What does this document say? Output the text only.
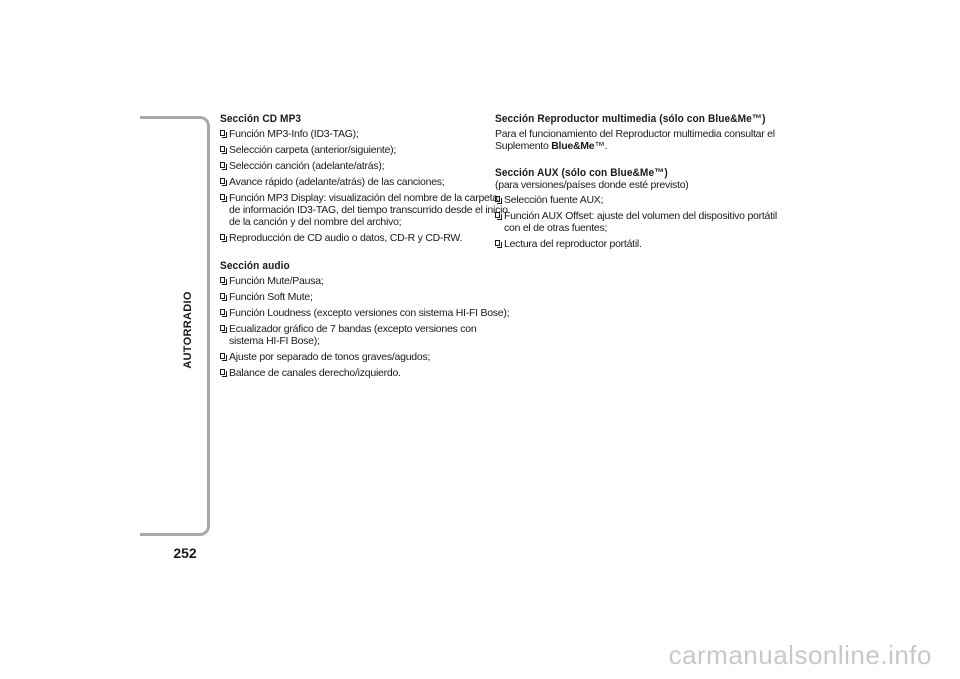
AUTORRADIO
252
Sección CD MP3
Función MP3-Info (ID3-TAG);
Selección carpeta (anterior/siguiente);
Selección canción (adelante/atrás);
Avance rápido (adelante/atrás) de las canciones;
Función MP3 Display: visualización del nombre de la carpeta, de información ID3-TAG, del tiempo transcurrido desde el inicio de la canción y del nombre del archivo;
Reproducción de CD audio o datos, CD-R y CD-RW.
Sección audio
Función Mute/Pausa;
Función Soft Mute;
Función Loudness (excepto versiones con sistema HI-FI Bose);
Ecualizador gráfico de 7 bandas (excepto versiones con sistema HI-FI Bose);
Ajuste por separado de tonos graves/agudos;
Balance de canales derecho/izquierdo.
Sección Reproductor multimedia (sólo con Blue&Me™)

Para el funcionamiento del Reproductor multimedia consultar el Suplemento Blue&Me™.

Sección AUX (sólo con Blue&Me™)

(para versiones/países donde esté previsto)

Selección fuente AUX;
Función AUX Offset: ajuste del volumen del dispositivo portátil con el de otras fuentes;
Lectura del reproductor portátil.
carmanualsonline.info
